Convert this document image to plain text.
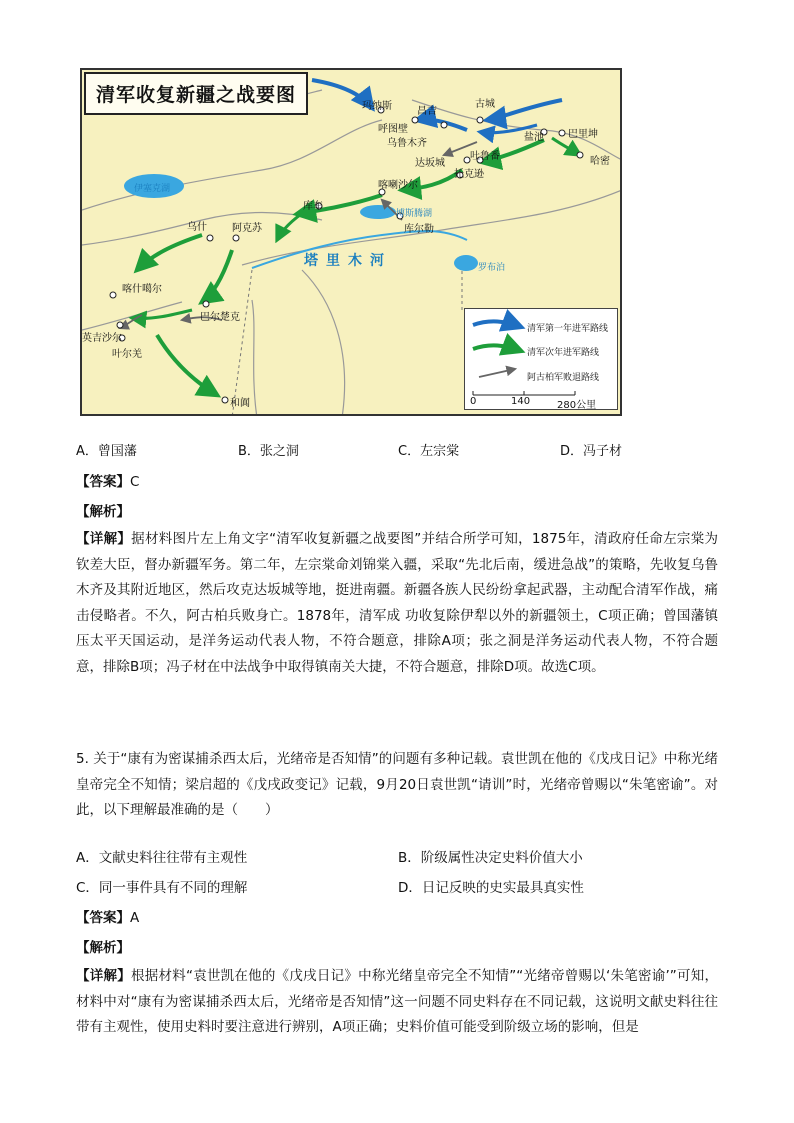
清军收复新疆之战要图
玛纳斯	昌吉
古城
呼图壁
乌鲁木齐
巴里坤
盐池
吐鲁番
达坂城	哈密
托克逊
喀喇沙尔
库车
库尔勒
乌什	阿克苏
喀什噶尔
巴尔楚克
英吉沙尔
叶尔羌
和阗
伊塞克湖
博斯腾湖
罗布泊
塔里木河
清军第一年进军路线
清军次年进军路线
阿古柏军败退路线
0	140	280公里
A．曾国藩	B．张之洞	C．左宗棠	D．冯子材
【答案】C
【解析】
【详解】据材料图片左上角文字“清军收复新疆之战要图”并结合所学可知，1875年，清政府任命左宗棠为钦差大臣，督办新疆军务。第二年，左宗棠命刘锦棠入疆，采取“先北后南，缓进急战”的策略，先收复乌鲁木齐及其附近地区，然后攻克达坂城等地，挺进南疆。新疆各族人民纷纷拿起武器，主动配合清军作战，痛击侵略者。不久，阿古柏兵败身亡。1878年，清军成 功收复除伊犁以外的新疆领土，C项正确；曾国藩镇压太平天国运动，是洋务运动代表人物，不符合题意，排除A项；张之洞是洋务运动代表人物，不符合题意，排除B项；冯子材在中法战争中取得镇南关大捷，不符合题意，排除D项。故选C项。
5. 关于“康有为密谋捕杀西太后，光绪帝是否知情”的问题有多种记载。袁世凯在他的《戊戌日记》中称光绪皇帝完全不知情；梁启超的《戊戌政变记》记载，9月20日袁世凯“请训”时，光绪帝曾赐以“朱笔密谕”。对此，以下理解最准确的是（　　）
A．文献史料往往带有主观性	B．阶级属性决定史料价值大小
C．同一事件具有不同的理解	D．日记反映的史实最具真实性
【答案】A
【解析】
【详解】根据材料“袁世凯在他的《戊戌日记》中称光绪皇帝完全不知情”“光绪帝曾赐以‘朱笔密谕’”可知，材料中对“康有为密谋捕杀西太后，光绪帝是否知情”这一问题不同史料存在不同记载，这说明文献史料往往带有主观性，使用史料时要注意进行辨别，A项正确；史料价值可能受到阶级立场的影响，但是
